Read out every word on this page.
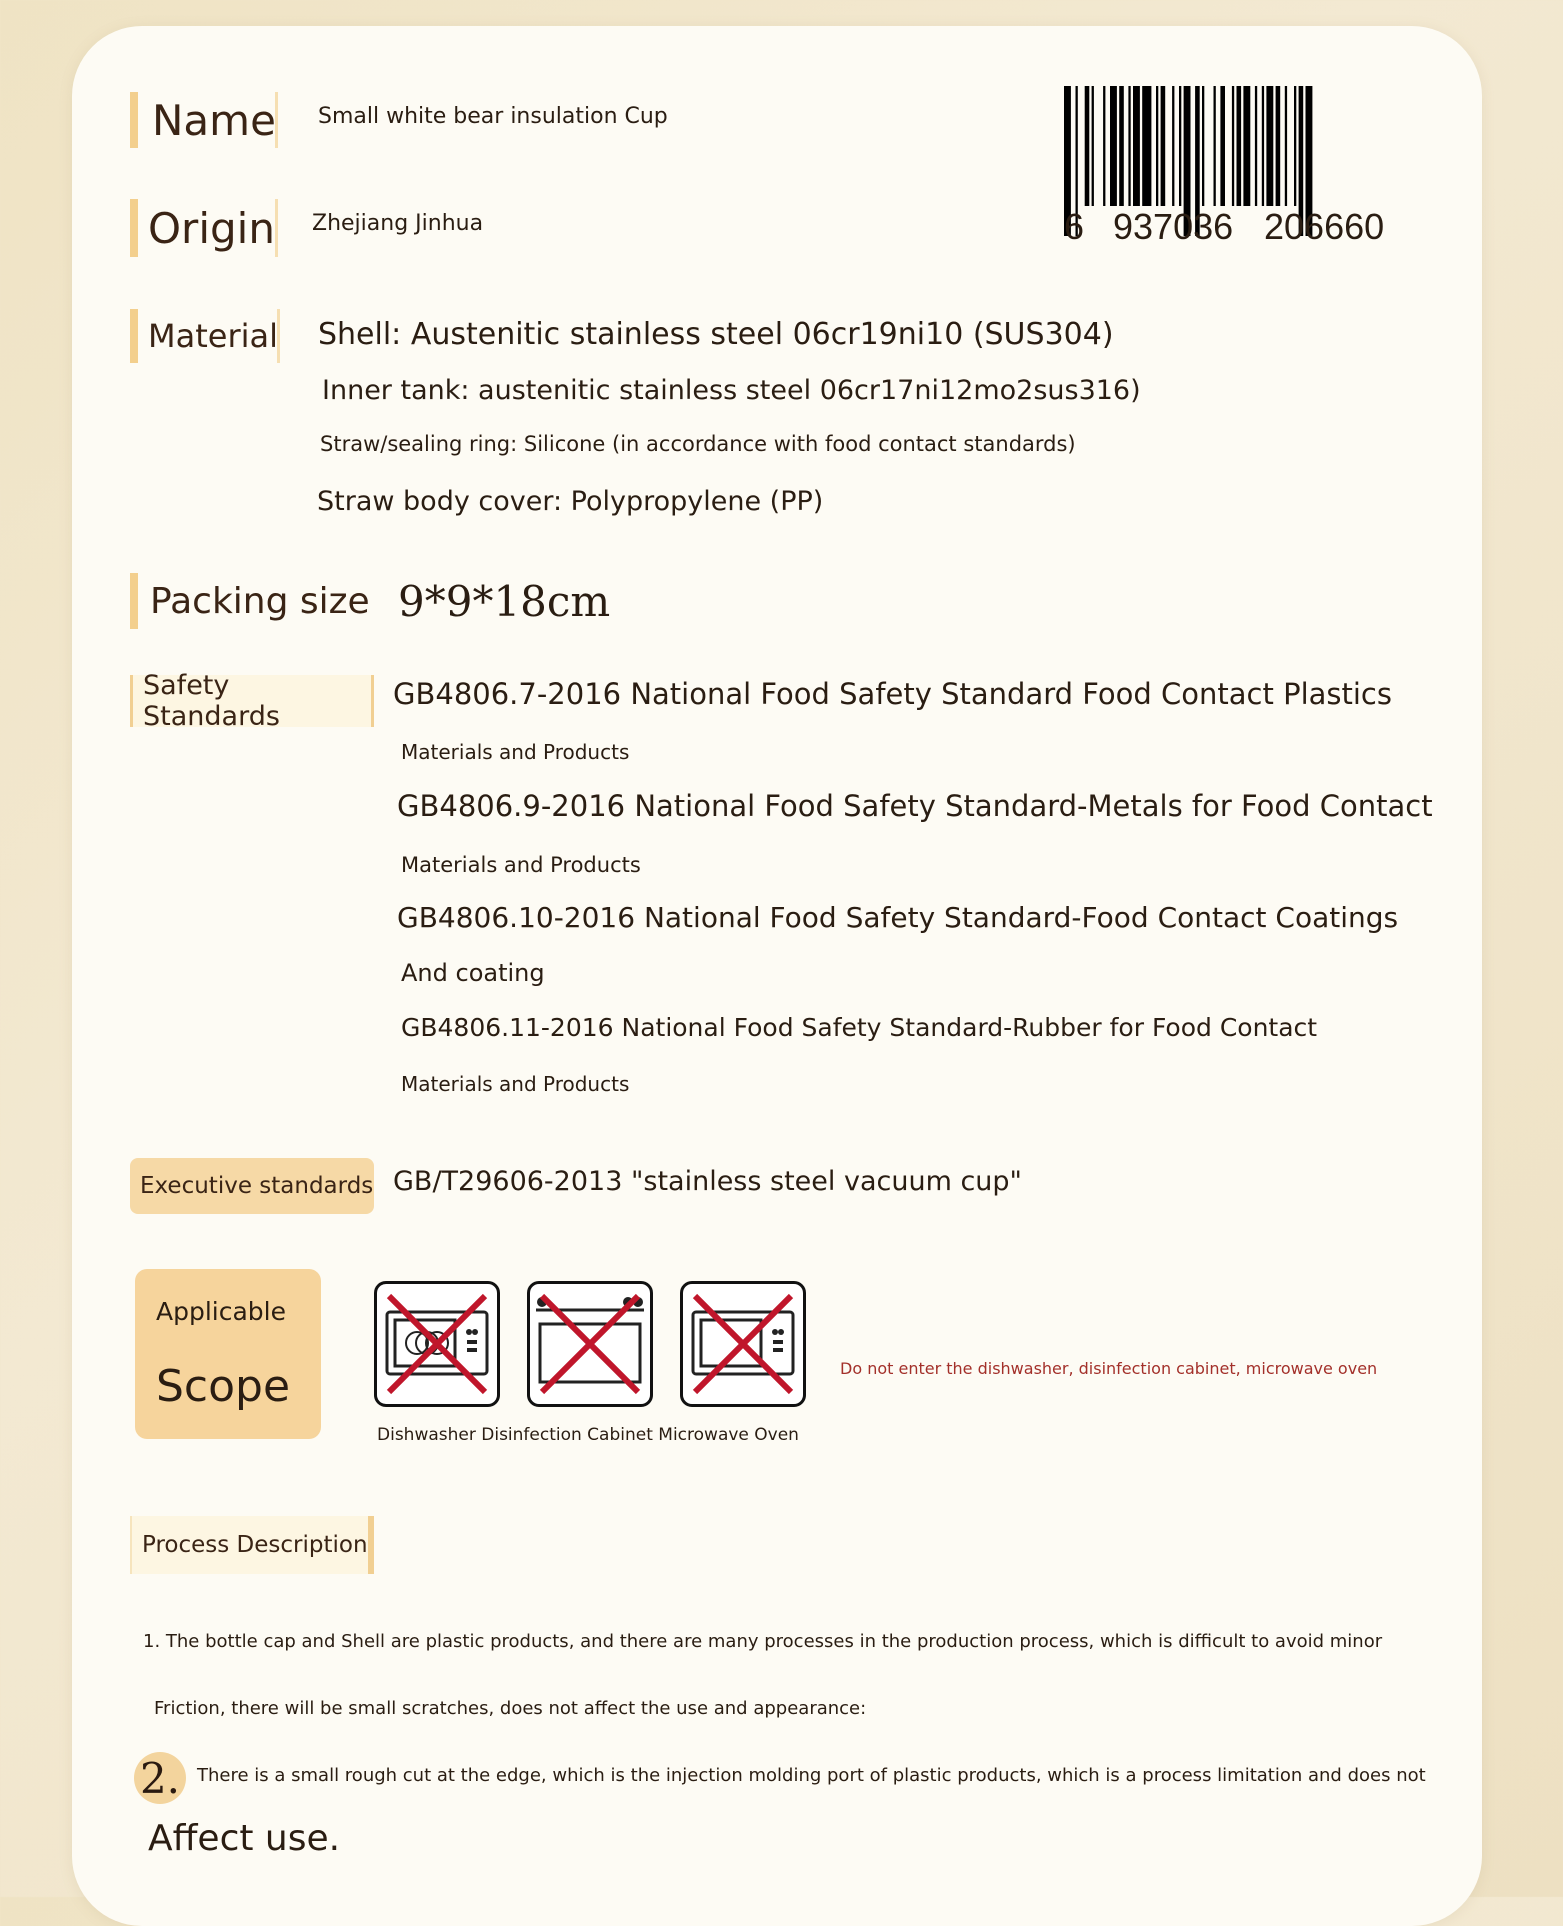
Name Small white bear insulation Cup
Origin Zhejiang Jinhua	6 937036 206660
Material Shell: Austenitic stainless steel 06cr19ni10 (SUS304)
Inner tank: austenitic stainless steel 06cr17ni12mo2sus316)
Straw/sealing ring: Silicone (in accordance with food contact standards)
Straw body cover: Polypropylene (PP)
Packing size 9*9*18cm
Safety Standards
GB4806.7-2016 National Food Safety Standard Food Contact Plastics
Materials and Products
GB4806.9-2016 National Food Safety Standard-Metals for Food Contact
Materials and Products
GB4806.10-2016 National Food Safety Standard-Food Contact Coatings
And coating
GB4806.11-2016 National Food Safety Standard-Rubber for Food Contact
Materials and Products
Executive standards GB/T29606-2013 "stainless steel vacuum cup"
Applicable
Scope
Dishwasher Disinfection Cabinet Microwave Oven
Do not enter the dishwasher, disinfection cabinet, microwave oven
Process Description
1. The bottle cap and Shell are plastic products, and there are many processes in the production process, which is difficult to avoid minor
Friction, there will be small scratches, does not affect the use and appearance:
2. There is a small rough cut at the edge, which is the injection molding port of plastic products, which is a process limitation and does not
Affect use.
